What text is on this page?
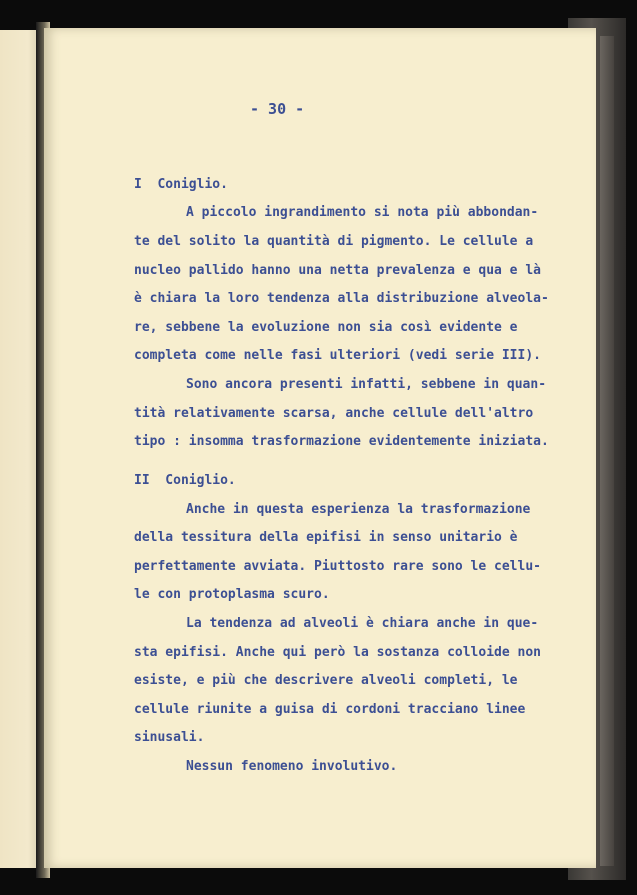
- 30 -
I  Coniglio.
A piccolo ingrandimento si nota più abbondan-
te del solito la quantità di pigmento. Le cellule a
nucleo pallido hanno una netta prevalenza e qua e là
è chiara la loro tendenza alla distribuzione alveola-
re, sebbene la evoluzione non sia così evidente e
completa come nelle fasi ulteriori (vedi serie III).
Sono ancora presenti infatti, sebbene in quan-
tità relativamente scarsa, anche cellule dell'altro
tipo : insomma trasformazione evidentemente iniziata.
II  Coniglio.
Anche in questa esperienza la trasformazione
della tessitura della epifisi in senso unitario è
perfettamente avviata. Piuttosto rare sono le cellu-
le con protoplasma scuro.
La tendenza ad alveoli è chiara anche in que-
sta epifisi. Anche qui però la sostanza colloide non
esiste, e più che descrivere alveoli completi, le
cellule riunite a guisa di cordoni tracciano linee
sinusali.
Nessun fenomeno involutivo.
